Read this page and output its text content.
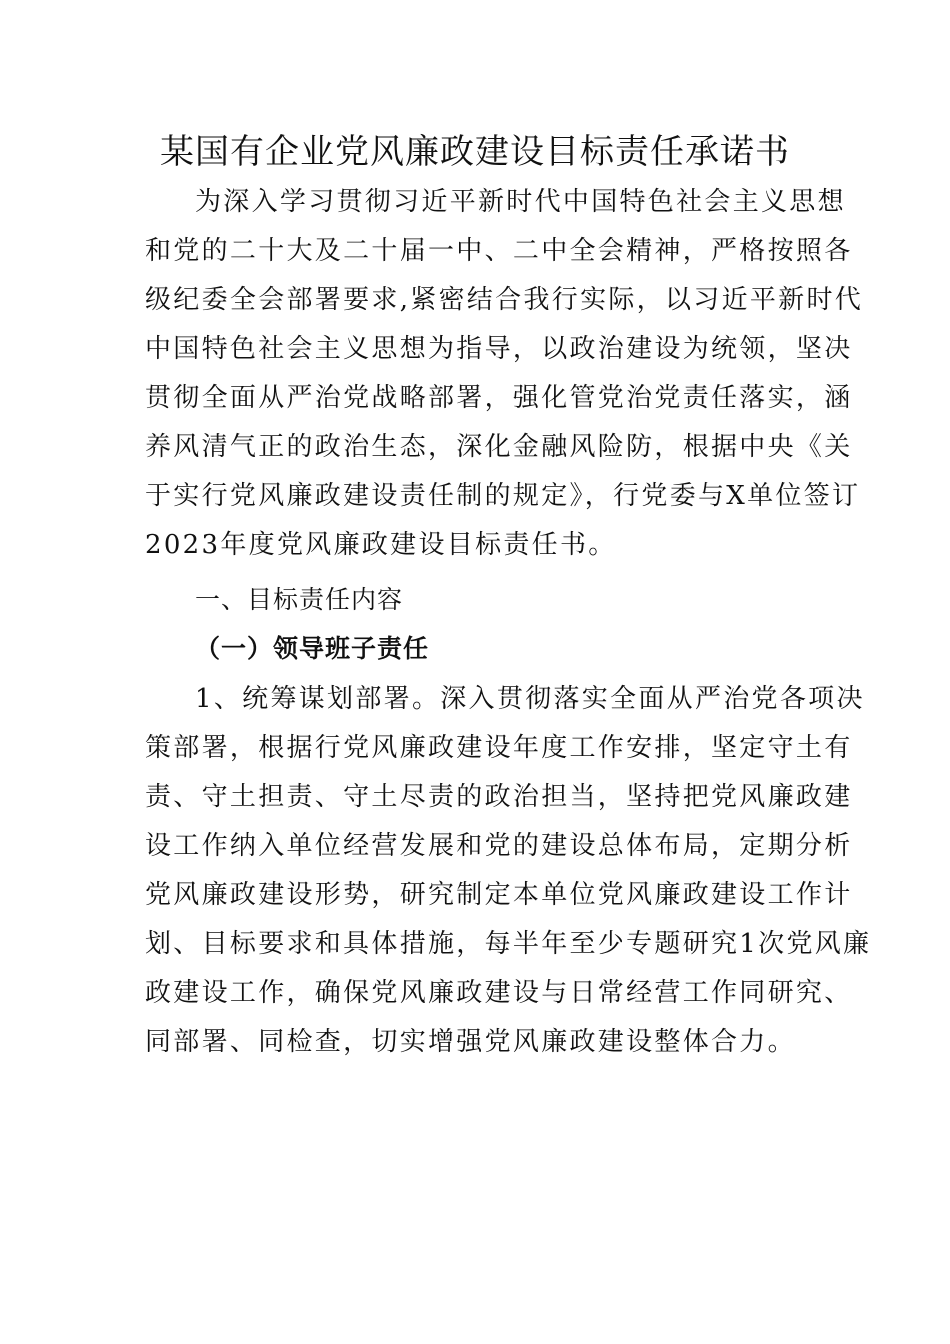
某国有企业党风廉政建设目标责任承诺书
为深入学习贯彻习近平新时代中国特色社会主义思想
和党的二十大及二十届一中、二中全会精神，严格按照各
级纪委全会部署要求,紧密结合我行实际，以习近平新时代
中国特色社会主义思想为指导，以政治建设为统领，坚决
贯彻全面从严治党战略部署，强化管党治党责任落实，涵
养风清气正的政治生态，深化金融风险防，根据中央《关
于实行党风廉政建设责任制的规定》，行党委与X单位签订
2023年度党风廉政建设目标责任书。
一、目标责任内容
（一）领导班子责任
1、统筹谋划部署。深入贯彻落实全面从严治党各项决
策部署，根据行党风廉政建设年度工作安排，坚定守土有
责、守土担责、守土尽责的政治担当，坚持把党风廉政建
设工作纳入单位经营发展和党的建设总体布局，定期分析
党风廉政建设形势，研究制定本单位党风廉政建设工作计
划、目标要求和具体措施，每半年至少专题研究1次党风廉
政建设工作，确保党风廉政建设与日常经营工作同研究、
同部署、同检查，切实增强党风廉政建设整体合力。
